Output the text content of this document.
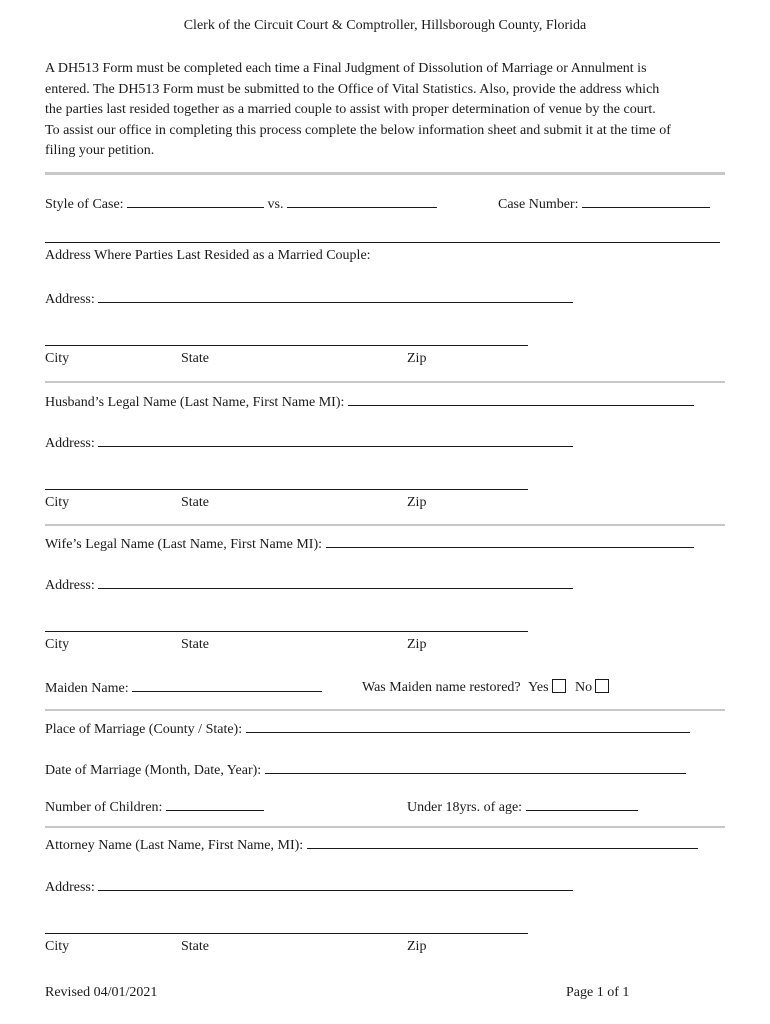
Clerk of the Circuit Court & Comptroller, Hillsborough County, Florida
A DH513 Form must be completed each time a Final Judgment of Dissolution of Marriage or Annulment is
entered. The DH513 Form must be submitted to the Office of Vital Statistics. Also, provide the address which
the parties last resided together as a married couple to assist with proper determination of venue by the court.
To assist our office in completing this process complete the below information sheet and submit it at the time of
filing your petition.
Style of Case:	vs.	Case Number:
Address Where Parties Last Resided as a Married Couple:
Address:
City	State	Zip
Husband’s Legal Name (Last Name, First Name MI):
Address:
City	State	Zip
Wife’s Legal Name (Last Name, First Name MI):
Address:
City	State	Zip
Maiden Name:	Was Maiden name restored? Yes No
Place of Marriage (County / State):
Date of Marriage (Month, Date, Year):
Number of Children:	Under 18yrs. of age:
Attorney Name (Last Name, First Name, MI):
Address:
City	State	Zip
Revised 04/01/2021	Page 1 of 1
